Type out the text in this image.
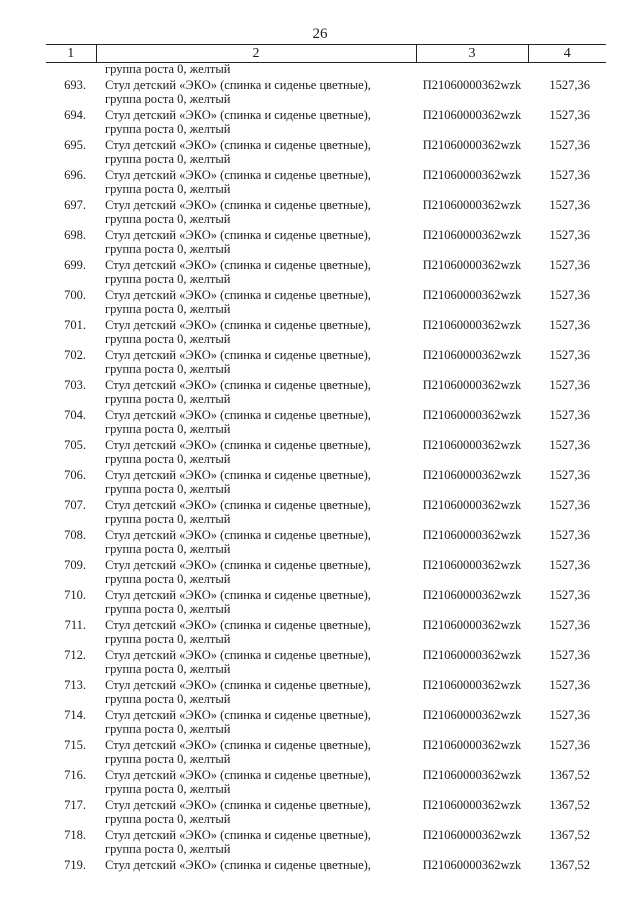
26
1	2	3	4
	группа роста 0, желтый		
693.	Стул детский «ЭКО» (спинка и сиденье цветные),
группа роста 0, желтый	П21060000362wzk	1527,36
694.	Стул детский «ЭКО» (спинка и сиденье цветные),
группа роста 0, желтый	П21060000362wzk	1527,36
695.	Стул детский «ЭКО» (спинка и сиденье цветные),
группа роста 0, желтый	П21060000362wzk	1527,36
696.	Стул детский «ЭКО» (спинка и сиденье цветные),
группа роста 0, желтый	П21060000362wzk	1527,36
697.	Стул детский «ЭКО» (спинка и сиденье цветные),
группа роста 0, желтый	П21060000362wzk	1527,36
698.	Стул детский «ЭКО» (спинка и сиденье цветные),
группа роста 0, желтый	П21060000362wzk	1527,36
699.	Стул детский «ЭКО» (спинка и сиденье цветные),
группа роста 0, желтый	П21060000362wzk	1527,36
700.	Стул детский «ЭКО» (спинка и сиденье цветные),
группа роста 0, желтый	П21060000362wzk	1527,36
701.	Стул детский «ЭКО» (спинка и сиденье цветные),
группа роста 0, желтый	П21060000362wzk	1527,36
702.	Стул детский «ЭКО» (спинка и сиденье цветные),
группа роста 0, желтый	П21060000362wzk	1527,36
703.	Стул детский «ЭКО» (спинка и сиденье цветные),
группа роста 0, желтый	П21060000362wzk	1527,36
704.	Стул детский «ЭКО» (спинка и сиденье цветные),
группа роста 0, желтый	П21060000362wzk	1527,36
705.	Стул детский «ЭКО» (спинка и сиденье цветные),
группа роста 0, желтый	П21060000362wzk	1527,36
706.	Стул детский «ЭКО» (спинка и сиденье цветные),
группа роста 0, желтый	П21060000362wzk	1527,36
707.	Стул детский «ЭКО» (спинка и сиденье цветные),
группа роста 0, желтый	П21060000362wzk	1527,36
708.	Стул детский «ЭКО» (спинка и сиденье цветные),
группа роста 0, желтый	П21060000362wzk	1527,36
709.	Стул детский «ЭКО» (спинка и сиденье цветные),
группа роста 0, желтый	П21060000362wzk	1527,36
710.	Стул детский «ЭКО» (спинка и сиденье цветные),
группа роста 0, желтый	П21060000362wzk	1527,36
711.	Стул детский «ЭКО» (спинка и сиденье цветные),
группа роста 0, желтый	П21060000362wzk	1527,36
712.	Стул детский «ЭКО» (спинка и сиденье цветные),
группа роста 0, желтый	П21060000362wzk	1527,36
713.	Стул детский «ЭКО» (спинка и сиденье цветные),
группа роста 0, желтый	П21060000362wzk	1527,36
714.	Стул детский «ЭКО» (спинка и сиденье цветные),
группа роста 0, желтый	П21060000362wzk	1527,36
715.	Стул детский «ЭКО» (спинка и сиденье цветные),
группа роста 0, желтый	П21060000362wzk	1527,36
716.	Стул детский «ЭКО» (спинка и сиденье цветные),
группа роста 0, желтый	П21060000362wzk	1367,52
717.	Стул детский «ЭКО» (спинка и сиденье цветные),
группа роста 0, желтый	П21060000362wzk	1367,52
718.	Стул детский «ЭКО» (спинка и сиденье цветные),
группа роста 0, желтый	П21060000362wzk	1367,52
719.	Стул детский «ЭКО» (спинка и сиденье цветные),	П21060000362wzk	1367,52
